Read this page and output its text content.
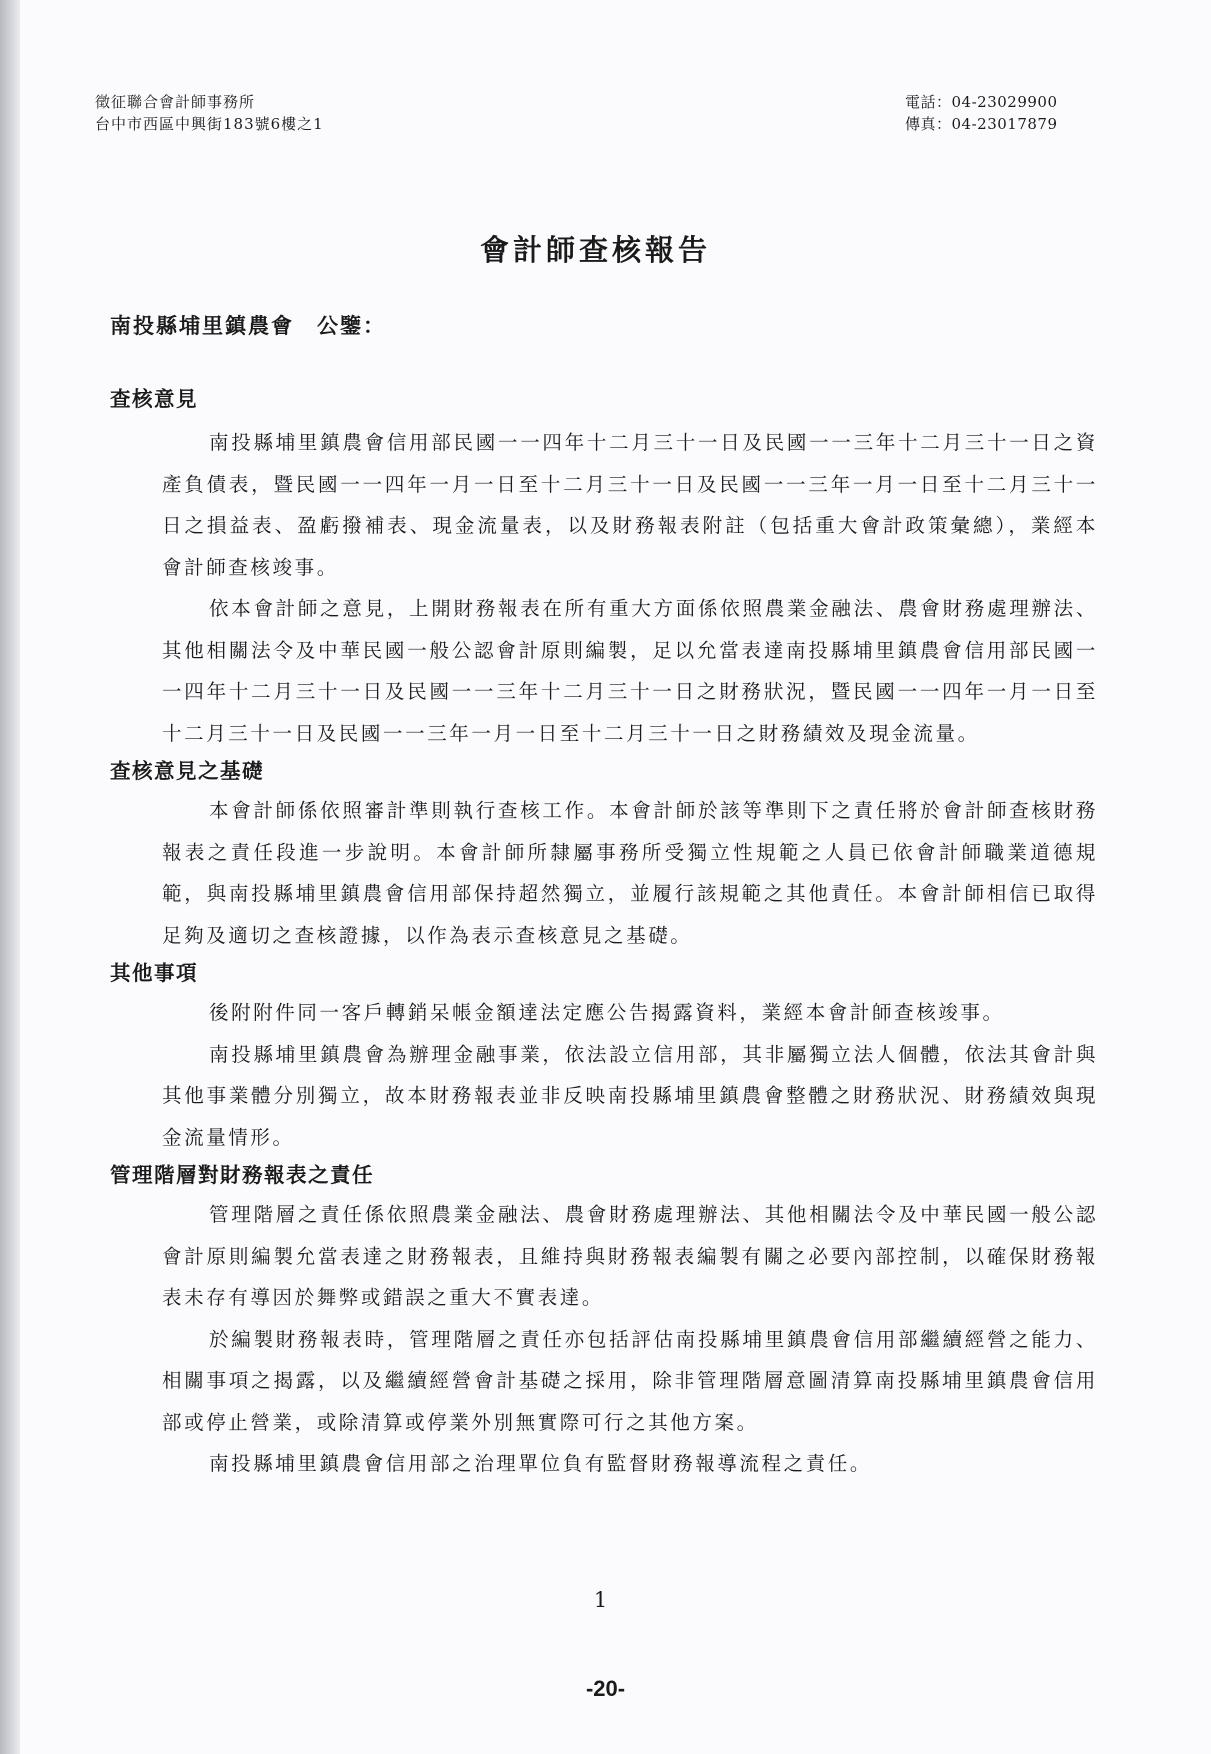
徵征聯合會計師事務所
台中市西區中興街183號6樓之1
電話：04-23029900
傳真：04-23017879
會計師查核報告
南投縣埔里鎮農會　公鑒：

查核意見

南投縣埔里鎮農會信用部民國一一四年十二月三十一日及民國一一三年十二月三十一日之資產負債表，暨民國一一四年一月一日至十二月三十一日及民國一一三年一月一日至十二月三十一日之損益表、盈虧撥補表、現金流量表，以及財務報表附註（包括重大會計政策彙總），業經本會計師查核竣事。

依本會計師之意見，上開財務報表在所有重大方面係依照農業金融法、農會財務處理辦法、其他相關法令及中華民國一般公認會計原則編製，足以允當表達南投縣埔里鎮農會信用部民國一一四年十二月三十一日及民國一一三年十二月三十一日之財務狀況，暨民國一一四年一月一日至十二月三十一日及民國一一三年一月一日至十二月三十一日之財務績效及現金流量。

查核意見之基礎

本會計師係依照審計準則執行查核工作。本會計師於該等準則下之責任將於會計師查核財務報表之責任段進一步說明。本會計師所隸屬事務所受獨立性規範之人員已依會計師職業道德規範，與南投縣埔里鎮農會信用部保持超然獨立，並履行該規範之其他責任。本會計師相信已取得足夠及適切之查核證據，以作為表示查核意見之基礎。

其他事項

後附附件同一客戶轉銷呆帳金額達法定應公告揭露資料，業經本會計師查核竣事。

南投縣埔里鎮農會為辦理金融事業，依法設立信用部，其非屬獨立法人個體，依法其會計與其他事業體分別獨立，故本財務報表並非反映南投縣埔里鎮農會整體之財務狀況、財務績效與現金流量情形。

管理階層對財務報表之責任

管理階層之責任係依照農業金融法、農會財務處理辦法、其他相關法令及中華民國一般公認會計原則編製允當表達之財務報表，且維持與財務報表編製有關之必要內部控制，以確保財務報表未存有導因於舞弊或錯誤之重大不實表達。

於編製財務報表時，管理階層之責任亦包括評估南投縣埔里鎮農會信用部繼續經營之能力、相關事項之揭露，以及繼續經營會計基礎之採用，除非管理階層意圖清算南投縣埔里鎮農會信用部或停止營業，或除清算或停業外別無實際可行之其他方案。

南投縣埔里鎮農會信用部之治理單位負有監督財務報導流程之責任。

1
-20-
